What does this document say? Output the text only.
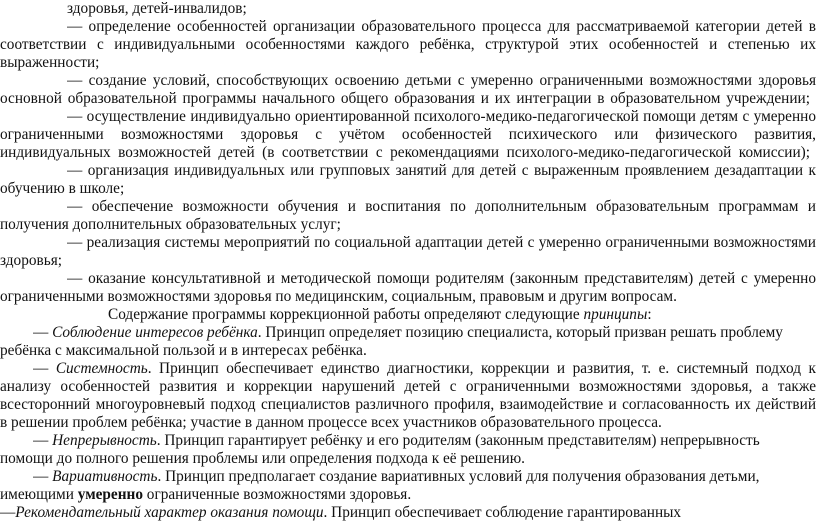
здоровья, детей-инвалидов;
— определение особенностей организации образовательного процесса для рассматриваемой категории детей в
соответствии с индивидуальными особенностями каждого ребёнка, структурой этих особенностей и степенью их
выраженности;
— создание условий, способствующих освоению детьми с умеренно ограниченными возможностями здоровья
основной образовательной программы начального общего образования и их интеграции в образовательном учреждении;
— осуществление индивидуально ориентированной психолого-медико-педагогической помощи детям с умеренно
ограниченными возможностями здоровья с учётом особенностей психического или физического развития,
индивидуальных возможностей детей (в соответствии с рекомендациями психолого-медико-педагогической комиссии);
— организация индивидуальных или групповых занятий для детей с выраженным проявлением дезадаптации к
обучению в школе;
— обеспечение возможности обучения и воспитания по дополнительным образовательным программам и
получения дополнительных образовательных услуг;
— реализация системы мероприятий по социальной адаптации детей с умеренно ограниченными возможностями
здоровья;
— оказание консультативной и методической помощи родителям (законным представителям) детей с умеренно
ограниченными возможностями здоровья по медицинским, социальным, правовым и другим вопросам.
Содержание программы коррекционной работы определяют следующие принципы:
— Соблюдение интересов ребёнка. Принцип определяет позицию специалиста, который призван решать проблему
ребёнка с максимальной пользой и в интересах ребёнка.
— Системность. Принцип обеспечивает единство диагностики, коррекции и развития, т. е. системный подход к
анализу особенностей развития и коррекции нарушений детей с ограниченными возможностями здоровья, а также
всесторонний многоуровневый подход специалистов различного профиля, взаимодействие и согласованность их действий
в решении проблем ребёнка; участие в данном процессе всех участников образовательного процесса.
— Непрерывность. Принцип гарантирует ребёнку и его родителям (законным представителям) непрерывность
помощи до полного решения проблемы или определения подхода к её решению.
— Вариативность. Принцип предполагает создание вариативных условий для получения образования детьми,
имеющими умеренно ограниченные возможностями здоровья.
—Рекомендательный характер оказания помощи. Принцип обеспечивает соблюдение гарантированных
